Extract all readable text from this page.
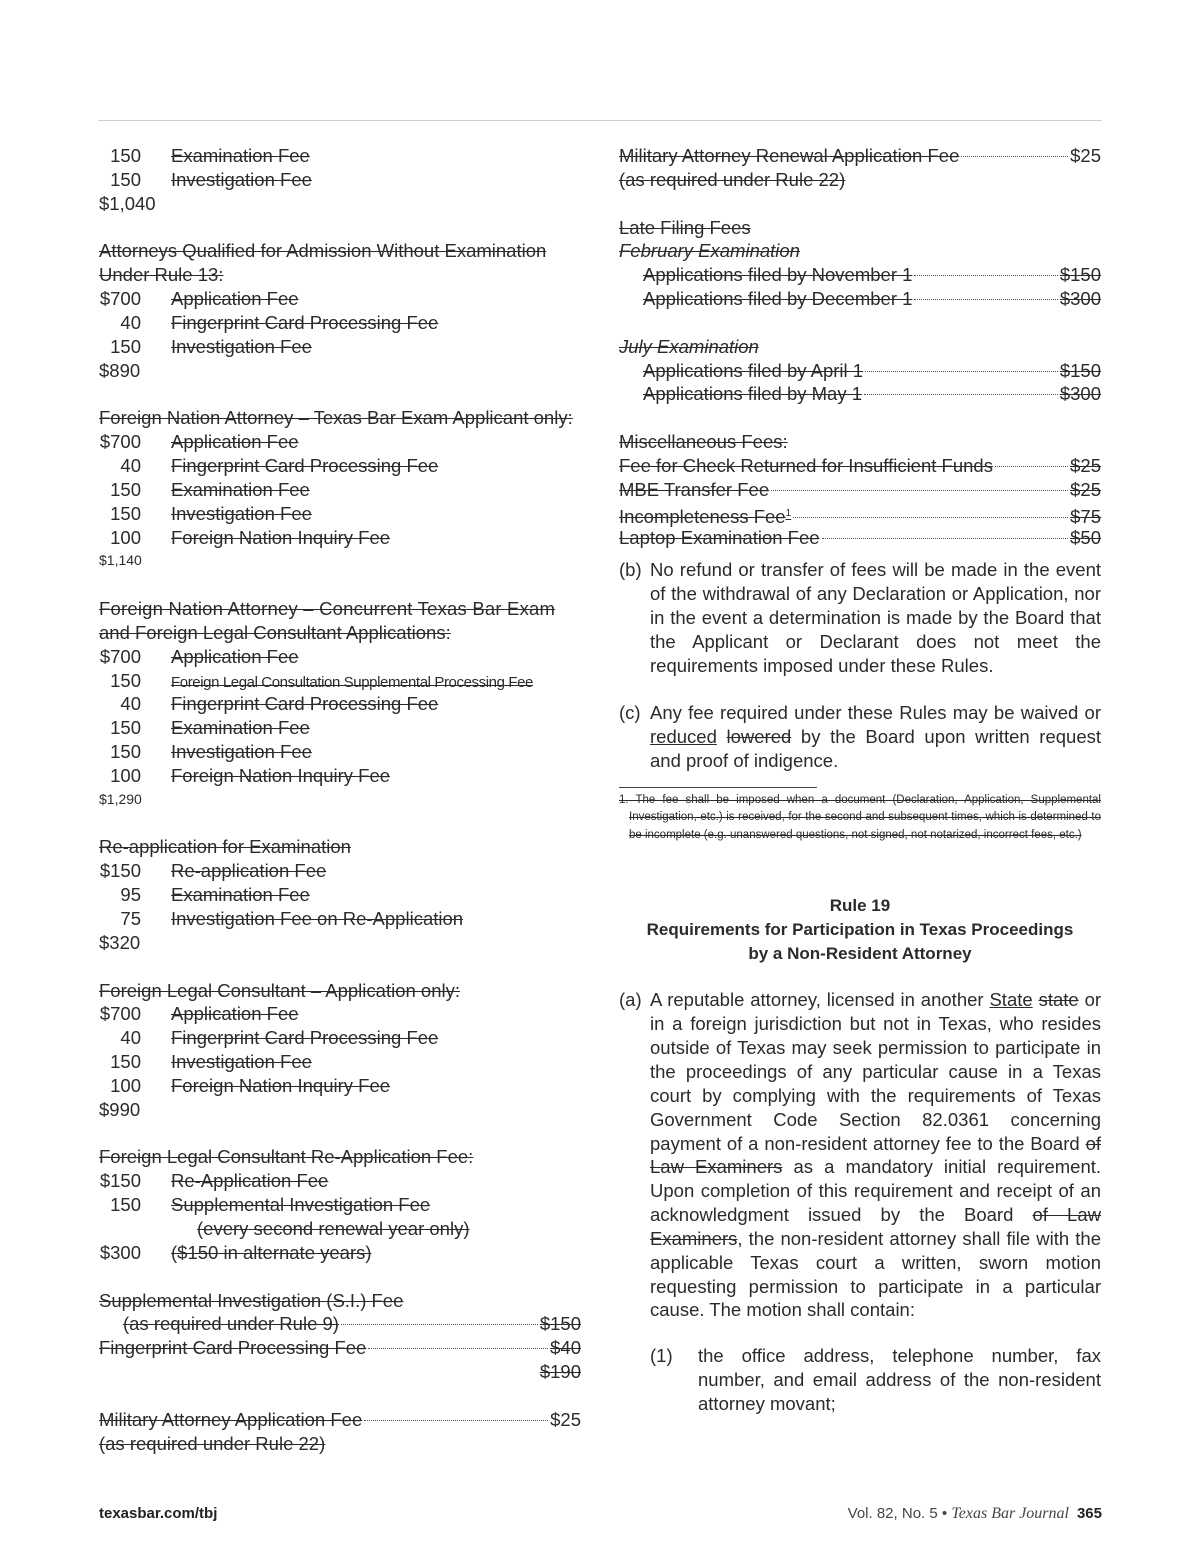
150 Examination Fee
150 Investigation Fee
$1,040
Attorneys Qualified for Admission Without Examination
Under Rule 13:
$700 Application Fee
40 Fingerprint Card Processing Fee
150 Investigation Fee
$890
Foreign Nation Attorney – Texas Bar Exam Applicant only:
$700 Application Fee
40 Fingerprint Card Processing Fee
150 Examination Fee
150 Investigation Fee
100 Foreign Nation Inquiry Fee
$1,140
Foreign Nation Attorney – Concurrent Texas Bar Exam
and Foreign Legal Consultant Applications:
$700 Application Fee
150 Foreign Legal Consultation Supplemental Processing Fee
40 Fingerprint Card Processing Fee
150 Examination Fee
150 Investigation Fee
100 Foreign Nation Inquiry Fee
$1,290
Re-application for Examination
$150 Re-application Fee
95 Examination Fee
75 Investigation Fee on Re-Application
$320
Foreign Legal Consultant – Application only:
$700 Application Fee
40 Fingerprint Card Processing Fee
150 Investigation Fee
100 Foreign Nation Inquiry Fee
$990
Foreign Legal Consultant Re-Application Fee:
$150 Re-Application Fee
150 Supplemental Investigation Fee
(every second renewal year only)
$300 ($150 in alternate years)
Supplemental Investigation (S.I.) Fee
(as required under Rule 9)	$150
Fingerprint Card Processing Fee	$40
$190
Military Attorney Application Fee	$25
(as required under Rule 22)
Military Attorney Renewal Application Fee	$25
(as required under Rule 22)
Late Filing Fees
February Examination
Applications filed by November 1	$150
Applications filed by December 1	$300
July Examination
Applications filed by April 1	$150
Applications filed by May 1	$300
Miscellaneous Fees:
Fee for Check Returned for Insufficient Funds	$25
MBE Transfer Fee	$25
Incompleteness Fee$^1$	$75
Laptop Examination Fee	$50
(b) No refund or transfer of fees will be made in the event of the withdrawal of any Declaration or Application, nor in the event a determination is made by the Board that the Applicant or Declarant does not meet the requirements imposed under these Rules.
(c) Any fee required under these Rules may be waived or reduced lowered by the Board upon written request and proof of indigence.
1. The fee shall be imposed when a document (Declaration, Application, Supplemental Investigation, etc.) is received, for the second and subsequent times, which is determined to be incomplete (e.g. unanswered questions, not signed, not notarized, incorrect fees, etc.)
Rule 19
Requirements for Participation in Texas Proceedings
by a Non-Resident Attorney
(a) A reputable attorney, licensed in another State state or in a foreign jurisdiction but not in Texas, who resides outside of Texas may seek permission to participate in the proceedings of any particular cause in a Texas court by complying with the requirements of Texas Government Code Section 82.0361 concerning payment of a non-resident attorney fee to the Board of Law Examiners as a mandatory initial requirement. Upon completion of this requirement and receipt of an acknowledgment issued by the Board of Law Examiners, the non-resident attorney shall file with the applicable Texas court a written, sworn motion requesting permission to participate in a particular cause. The motion shall contain:
(1)	the office address, telephone number, fax number, and email address of the non-resident attorney movant;
texasbar.com/tbj	Vol. 82, No. 5 • Texas Bar Journal 365
